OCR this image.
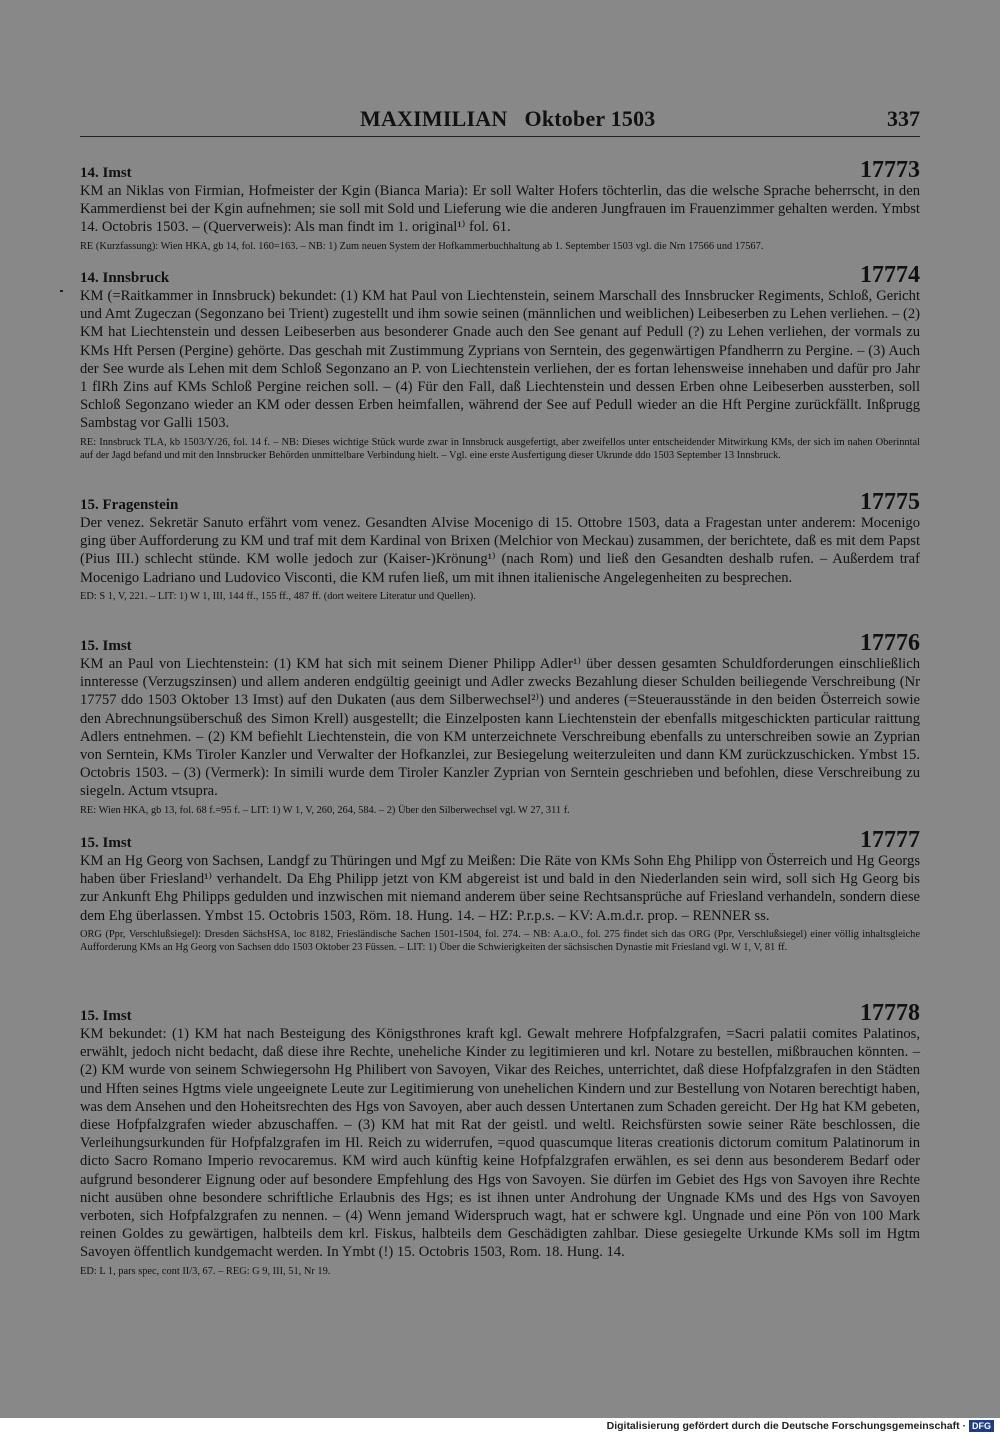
MAXIMILIAN   Oktober 1503	337
14. Imst	17773

KM an Niklas von Firmian, Hofmeister der Kgin (Bianca Maria): Er soll Walter Hofers töchterlin, das die welsche Sprache beherrscht, in den Kammerdienst bei der Kgin aufnehmen; sie soll mit Sold und Lieferung wie die anderen Jungfrauen im Frauenzimmer gehalten werden. Ymbst 14. Octobris 1503. – (Querverweis): Als man findt im 1. original¹⁾ fol. 61.

RE (Kurzfassung): Wien HKA, gb 14, fol. 160=163. – NB: 1) Zum neuen System der Hofkammerbuchhaltung ab 1. September 1503 vgl. die Nrn 17566 und 17567.

14. Innsbruck	17774

KM (=Raitkammer in Innsbruck) bekundet: (1) KM hat Paul von Liechtenstein, seinem Marschall des Innsbrucker Regiments, Schloß, Gericht und Amt Zugeczan (Segonzano bei Trient) zugestellt und ihm sowie seinen (männlichen und weiblichen) Leibeserben zu Lehen verliehen. – (2) KM hat Liechtenstein und dessen Leibeserben aus besonderer Gnade auch den See genant auf Pedull (?) zu Lehen verliehen, der vormals zu KMs Hft Persen (Pergine) gehörte. Das geschah mit Zustimmung Zyprians von Serntein, des gegenwärtigen Pfandherrn zu Pergine. – (3) Auch der See wurde als Lehen mit dem Schloß Segonzano an P. von Liechtenstein verliehen, der es fortan lehensweise innehaben und dafür pro Jahr 1 flRh Zins auf KMs Schloß Pergine reichen soll. – (4) Für den Fall, daß Liechtenstein und dessen Erben ohne Leibeserben aussterben, soll Schloß Segonzano wieder an KM oder dessen Erben heimfallen, während der See auf Pedull wieder an die Hft Pergine zurückfällt. Inßprugg Sambstag vor Galli 1503.

RE: Innsbruck TLA, kb 1503/Y/26, fol. 14 f. – NB: Dieses wichtige Stück wurde zwar in Innsbruck ausgefertigt, aber zweifellos unter entscheidender Mitwirkung KMs, der sich im nahen Oberinntal auf der Jagd befand und mit den Innsbrucker Behörden unmittelbare Verbindung hielt. – Vgl. eine erste Ausfertigung dieser Ukrunde ddo 1503 September 13 Innsbruck.

15. Fragenstein	17775

Der venez. Sekretär Sanuto erfährt vom venez. Gesandten Alvise Mocenigo di 15. Ottobre 1503, data a Fragestan unter anderem: Mocenigo ging über Aufforderung zu KM und traf mit dem Kardinal von Brixen (Melchior von Meckau) zusammen, der berichtete, daß es mit dem Papst (Pius III.) schlecht stünde. KM wolle jedoch zur (Kaiser-)Krönung¹⁾ (nach Rom) und ließ den Gesandten deshalb rufen. – Außerdem traf Mocenigo Ladriano und Ludovico Visconti, die KM rufen ließ, um mit ihnen italienische Angelegenheiten zu besprechen.

ED: S 1, V, 221. – LIT: 1) W 1, III, 144 ff., 155 ff., 487 ff. (dort weitere Literatur und Quellen).

15. Imst	17776

KM an Paul von Liechtenstein: (1) KM hat sich mit seinem Diener Philipp Adler¹⁾ über dessen gesamten Schuldforderungen einschließlich innteresse (Verzugszinsen) und allem anderen endgültig geeinigt und Adler zwecks Bezahlung dieser Schulden beiliegende Verschreibung (Nr 17757 ddo 1503 Oktober 13 Imst) auf den Dukaten (aus dem Silberwechsel²⁾) und anderes (=Steuerausstände in den beiden Österreich sowie den Abrechnungsüberschuß des Simon Krell) ausgestellt; die Einzelposten kann Liechtenstein der ebenfalls mitgeschickten particular raittung Adlers entnehmen. – (2) KM befiehlt Liechtenstein, die von KM unterzeichnete Verschreibung ebenfalls zu unterschreiben sowie an Zyprian von Serntein, KMs Tiroler Kanzler und Verwalter der Hofkanzlei, zur Besiegelung weiterzuleiten und dann KM zurückzuschicken. Ymbst 15. Octobris 1503. – (3) (Vermerk): In simili wurde dem Tiroler Kanzler Zyprian von Serntein geschrieben und befohlen, diese Verschreibung zu siegeln. Actum vtsupra.

RE: Wien HKA, gb 13, fol. 68 f.=95 f. – LIT: 1) W 1, V, 260, 264, 584. – 2) Über den Silberwechsel vgl. W 27, 311 f.

15. Imst	17777

KM an Hg Georg von Sachsen, Landgf zu Thüringen und Mgf zu Meißen: Die Räte von KMs Sohn Ehg Philipp von Österreich und Hg Georgs haben über Friesland¹⁾ verhandelt. Da Ehg Philipp jetzt von KM abgereist ist und bald in den Niederlanden sein wird, soll sich Hg Georg bis zur Ankunft Ehg Philipps gedulden und inzwischen mit niemand anderem über seine Rechtsansprüche auf Friesland verhandeln, sondern diese dem Ehg überlassen. Ymbst 15. Octobris 1503, Röm. 18. Hung. 14. – HZ: P.r.p.s. – KV: A.m.d.r. prop. – RENNER ss.

ORG (Ppr, Verschlußsiegel): Dresden SächsHSA, loc 8182, Friesländische Sachen 1501-1504, fol. 274. – NB: A.a.O., fol. 275 findet sich das ORG (Ppr, Verschlußsiegel) einer völlig inhaltsgleiche Aufforderung KMs an Hg Georg von Sachsen ddo 1503 Oktober 23 Füssen. – LIT: 1) Über die Schwierigkeiten der sächsischen Dynastie mit Friesland vgl. W 1, V, 81 ff.

15. Imst	17778

KM bekundet: (1) KM hat nach Besteigung des Königsthrones kraft kgl. Gewalt mehrere Hofpfalzgrafen, =Sacri palatii comites Palatinos, erwählt, jedoch nicht bedacht, daß diese ihre Rechte, uneheliche Kinder zu legitimieren und krl. Notare zu bestellen, mißbrauchen könnten. – (2) KM wurde von seinem Schwiegersohn Hg Philibert von Savoyen, Vikar des Reiches, unterrichtet, daß diese Hofpfalzgrafen in den Städten und Hften seines Hgtms viele ungeeignete Leute zur Legitimierung von unehelichen Kindern und zur Bestellung von Notaren berechtigt haben, was dem Ansehen und den Hoheitsrechten des Hgs von Savoyen, aber auch dessen Untertanen zum Schaden gereicht. Der Hg hat KM gebeten, diese Hofpfalzgrafen wieder abzuschaffen. – (3) KM hat mit Rat der geistl. und weltl. Reichsfürsten sowie seiner Räte beschlossen, die Verleihungsurkunden für Hofpfalzgrafen im Hl. Reich zu widerrufen, =quod quascumque literas creationis dictorum comitum Palatinorum in dicto Sacro Romano Imperio revocaremus. KM wird auch künftig keine Hofpfalzgrafen erwählen, es sei denn aus besonderem Bedarf oder aufgrund besonderer Eignung oder auf besondere Empfehlung des Hgs von Savoyen. Sie dürfen im Gebiet des Hgs von Savoyen ihre Rechte nicht ausüben ohne besondere schriftliche Erlaubnis des Hgs; es ist ihnen unter Androhung der Ungnade KMs und des Hgs von Savoyen verboten, sich Hofpfalzgrafen zu nennen. – (4) Wenn jemand Widerspruch wagt, hat er schwere kgl. Ungnade und eine Pön von 100 Mark reinen Goldes zu gewärtigen, halbteils dem krl. Fiskus, halbteils dem Geschädigten zahlbar. Diese gesiegelte Urkunde KMs soll im Hgtm Savoyen öffentlich kundgemacht werden. In Ymbt (!) 15. Octobris 1503, Rom. 18. Hung. 14.

ED: L 1, pars spec, cont II/3, 67. – REG: G 9, III, 51, Nr 19.

Digitalisierung gefördert durch die Deutsche Forschungsgemeinschaft · DFG
